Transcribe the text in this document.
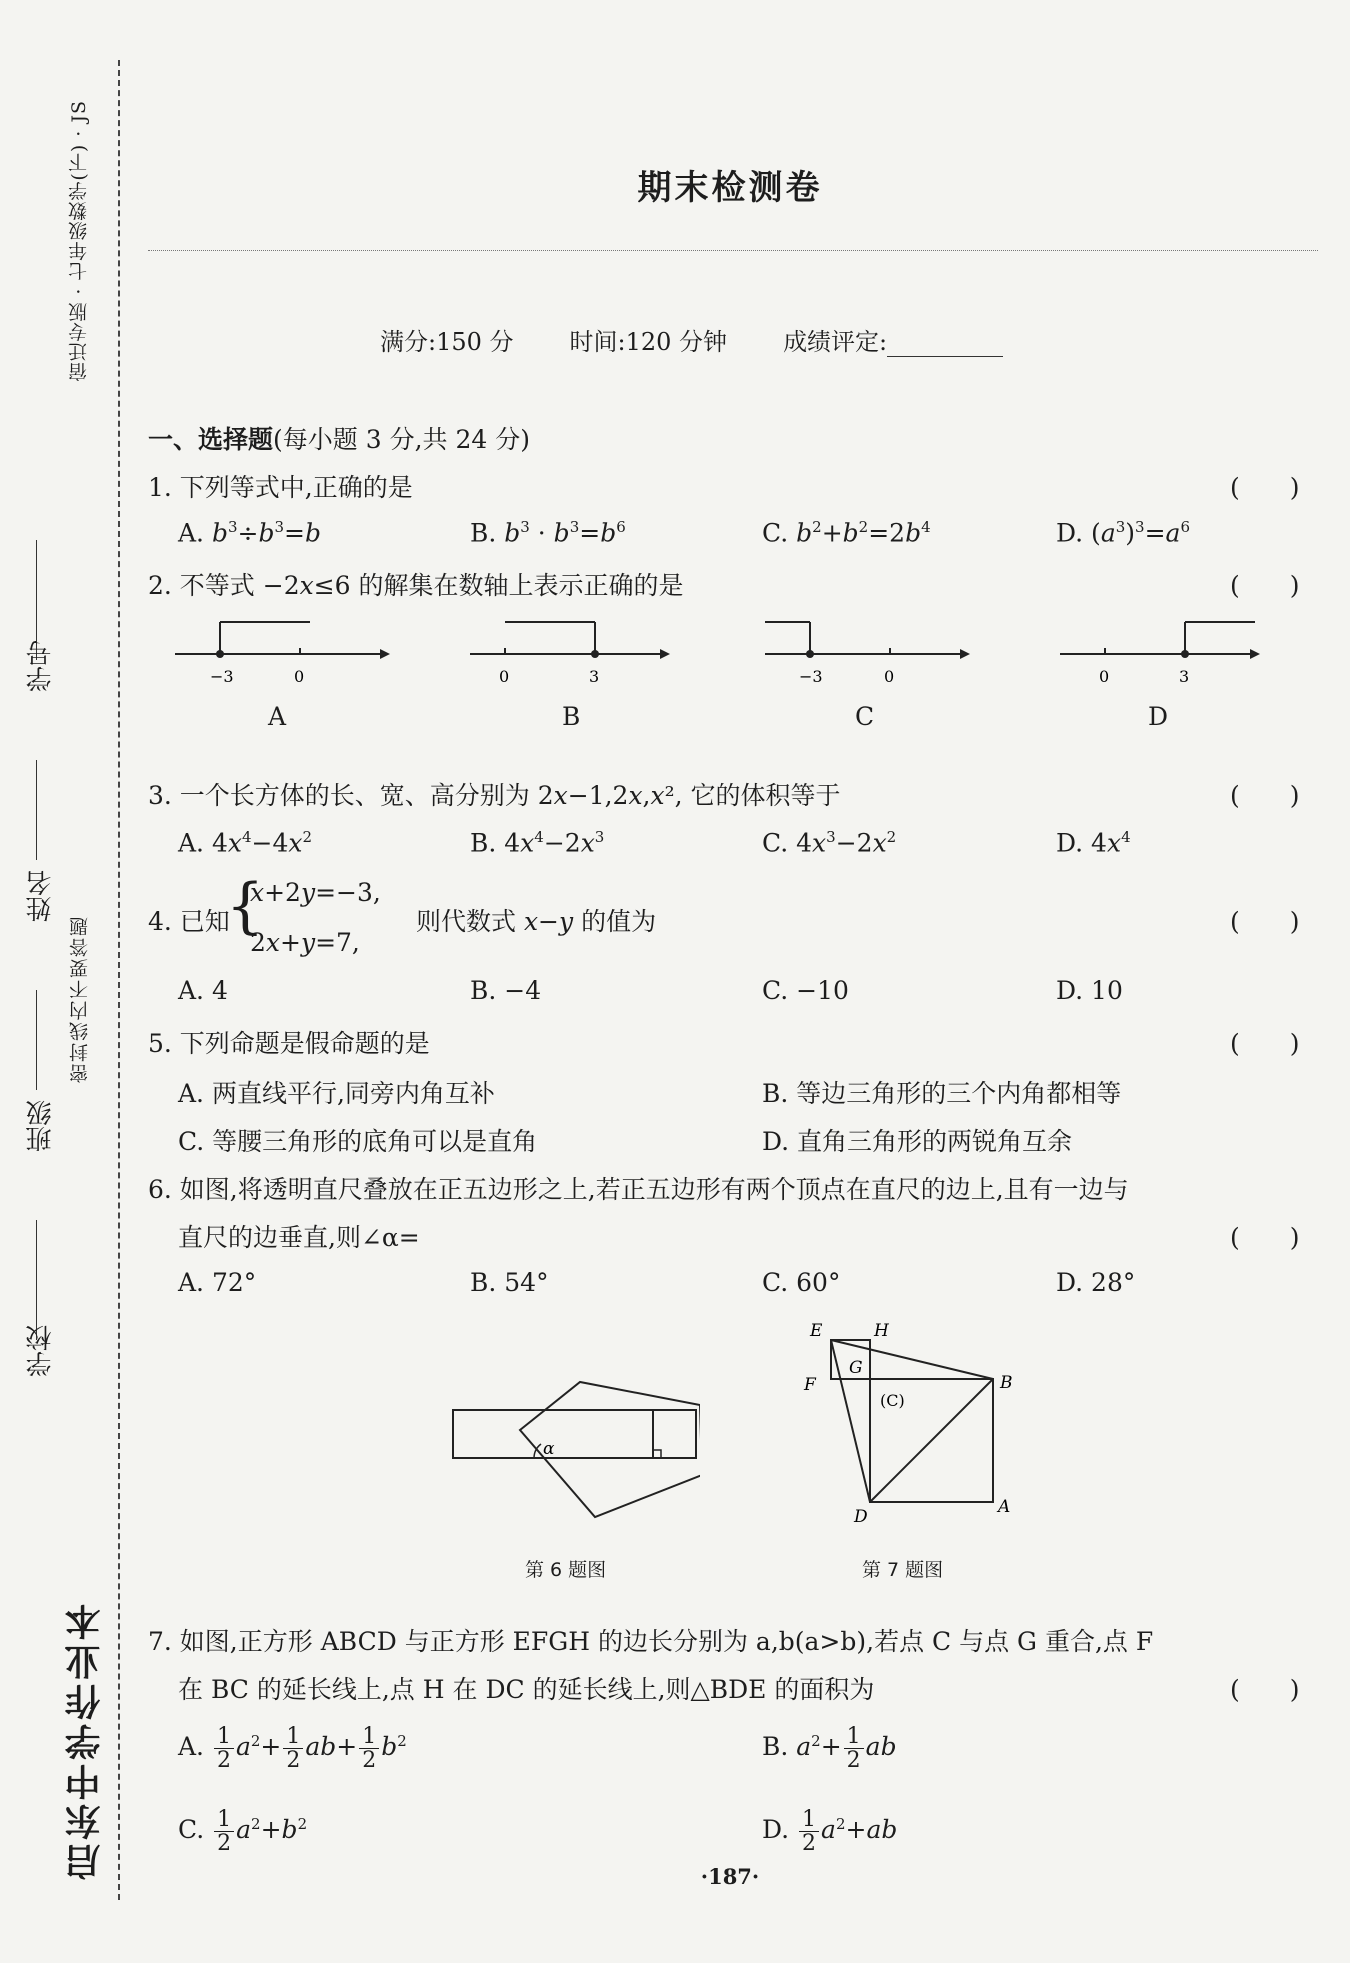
宿迁专版 · 七年级数学(下) · JS
密封线内不要答题
学号
姓名
班级
学校
启东中学作业本
期末检测卷
满分:150 分 时间:120 分钟 成绩评定:
一、选择题(每小题 3 分,共 24 分)
1. 下列等式中,正确的是	(　　)
A. $b^3\div b^3=b$	B. $b^3 \cdot b^3=b^6$	C. $b^2+b^2=2b^4$	D. $(a^3)^3=a^6$
2. 不等式 −2𝑥≤6 的解集在数轴上表示正确的是	(　　)
−3	0	0	3	−3	0	0	3
A	B	C	D
3. 一个长方体的长、宽、高分别为 2𝑥−1,2𝑥,𝑥², 它的体积等于	(　　)
A. $4x^4-4x^2$	B. $4x^4-2x^3$	C. $4x^3-2x^2$	D. $4x^4$
4. 已知
{
𝑥+2𝑦=−3,
2𝑥+𝑦=7,
则代数式 𝑥−𝑦 的值为	(　　)
A. 4	B. −4	C. −10	D. 10
5. 下列命题是假命题的是	(　　)
A. 两直线平行,同旁内角互补	B. 等边三角形的三个内角都相等
C. 等腰三角形的底角可以是直角	D. 直角三角形的两锐角互余
6. 如图,将透明直尺叠放在正五边形之上,若正五边形有两个顶点在直尺的边上,且有一边与
直尺的边垂直,则∠α=	(　　)
A. 72°	B. 54°	C. 60°	D. 28°
α
第 6 题图
E	H
F
G
(C)
B
D	A
第 7 题图
7. 如图,正方形 ABCD 与正方形 EFGH 的边长分别为 a,b(a>b),若点 C 与点 G 重合,点 F
在 BC 的延长线上,点 H 在 DC 的延长线上,则△BDE 的面积为	(　　)
A. $\frac{1}{2} a^2+ \frac{1}{2} ab+ \frac{1}{2} b^2$	B. $a^2+ \frac{1}{2}$ ab
C. $\frac{1}{2} a^2+b^2$	D. $\frac{1}{2} a^2+ab$
·187·
